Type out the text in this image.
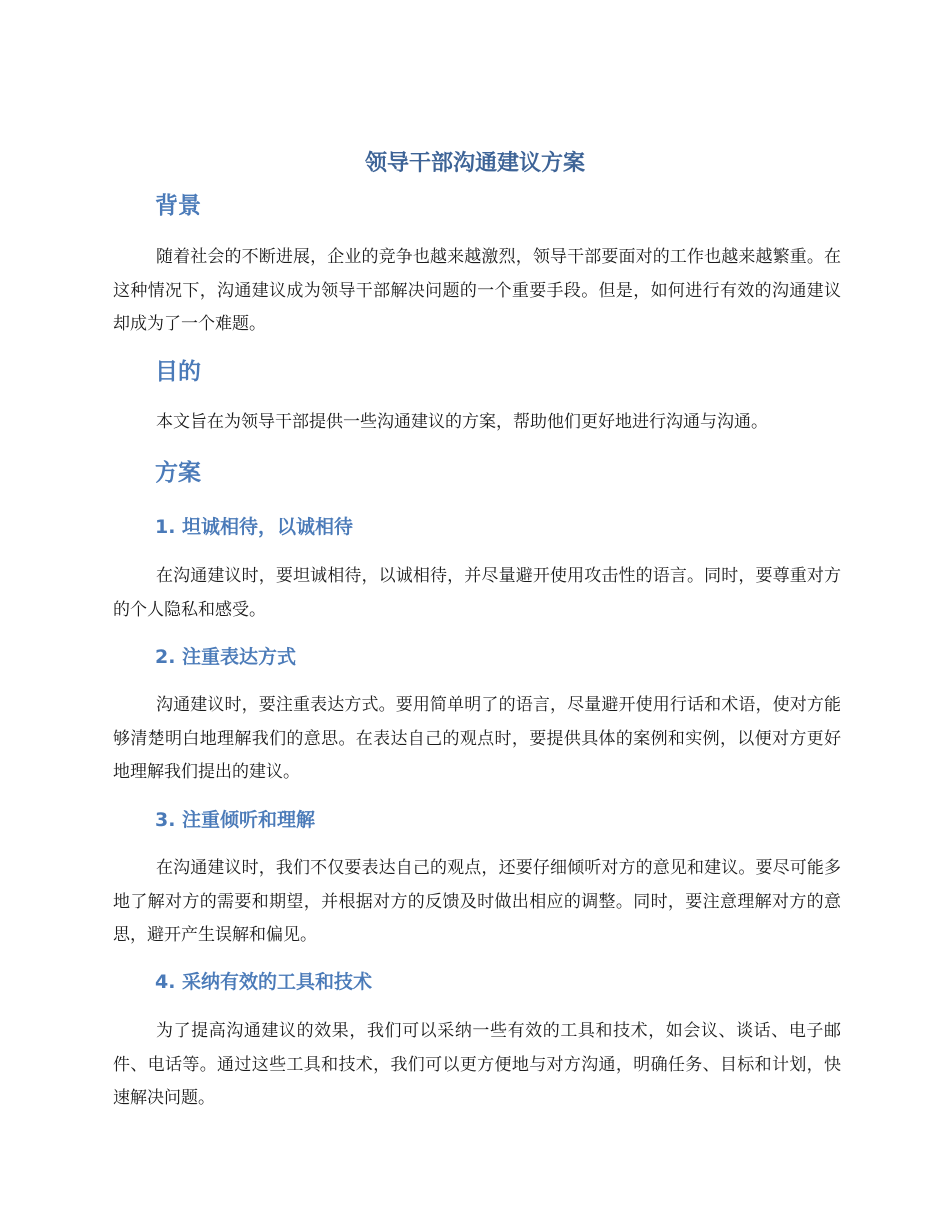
领导干部沟通建议方案
背景

随着社会的不断进展，企业的竞争也越来越激烈，领导干部要面对的工作也越来越繁重。在这种情况下，沟通建议成为领导干部解决问题的一个重要手段。但是，如何进行有效的沟通建议却成为了一个难题。

目的

本文旨在为领导干部提供一些沟通建议的方案，帮助他们更好地进行沟通与沟通。

方案
1. 坦诚相待，以诚相待

在沟通建议时，要坦诚相待，以诚相待，并尽量避开使用攻击性的语言。同时，要尊重对方的个人隐私和感受。

2. 注重表达方式

沟通建议时，要注重表达方式。要用简单明了的语言，尽量避开使用行话和术语，使对方能够清楚明白地理解我们的意思。在表达自己的观点时，要提供具体的案例和实例，以便对方更好地理解我们提出的建议。

3. 注重倾听和理解

在沟通建议时，我们不仅要表达自己的观点，还要仔细倾听对方的意见和建议。要尽可能多地了解对方的需要和期望，并根据对方的反馈及时做出相应的调整。同时，要注意理解对方的意思，避开产生误解和偏见。

4. 采纳有效的工具和技术

为了提高沟通建议的效果，我们可以采纳一些有效的工具和技术，如会议、谈话、电子邮件、电话等。通过这些工具和技术，我们可以更方便地与对方沟通，明确任务、目标和计划，快速解决问题。
